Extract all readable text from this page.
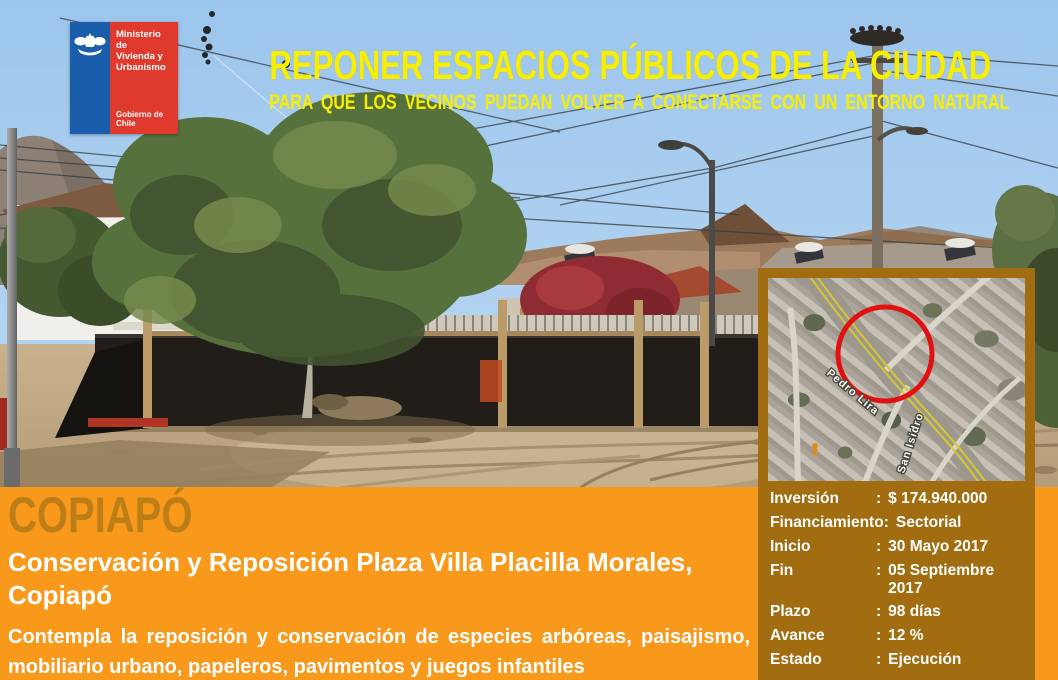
Ministerio de
Vivienda y
Urbanismo
Gobierno de Chile
REPONER ESPACIOS PÚBLICOS DE LA CIUDAD
PARA QUE LOS VECINOS PUEDAN VOLVER A CONECTARSE CON UN ENTORNO NATURAL
COPIAPÓ
Conservación y Reposición Plaza Villa Placilla Morales, Copiapó
Contempla la reposición y conservación de especies arbóreas, paisajismo, mobiliario urbano, papeleros, pavimentos y juegos infantiles
Pedro Lira
San Isidro
Inversión	: $ 174.940.000
Financiamiento : Sectorial
Inicio	: 30 Mayo 2017
Fin	: 05 Septiembre 2017
Plazo	: 98 días
Avance	: 12 %
Estado	: Ejecución
